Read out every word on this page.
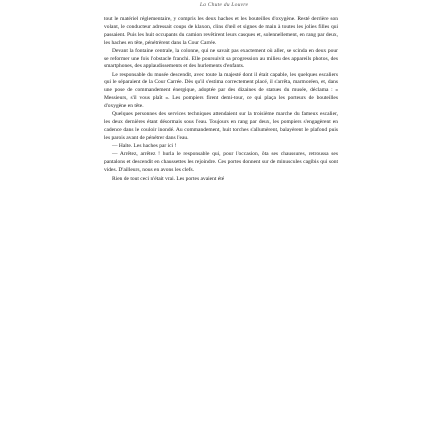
La Chute du Louvre

tout le matériel réglementaire, y compris les deux haches et les bouteilles d'oxygène. Resté derrière son volant, le conducteur adressait coups de klaxon, clins d'œil et signes de main à toutes les jolies filles qui passaient. Puis les huit occupants du camion revêtirent leurs casques et, solennellement, en rang par deux, les haches en tête, pénétrèrent dans la Cour Carrée.

Devant la fontaine centrale, la colonne, qui ne savait pas exactement où aller, se scinda en deux pour se reformer une fois l'obstacle franchi. Elle poursuivit sa progression au milieu des appareils photos, des smartphones, des applaudissements et des hurlements d'enfants.

Le responsable du musée descendit, avec toute la majesté dont il était capable, les quelques escaliers qui le séparaient de la Cour Carrée. Dès qu'il s'estima correctement placé, il s'arrêta, marmoréen, et, dans une pose de commandement énergique, adoptée par des dizaines de statues du musée, déclama : « Messieurs, s'il vous plaît ». Les pompiers firent demi-tour, ce qui plaça les porteurs de bouteilles d'oxygène en tête.

Quelques personnes des services techniques attendaient sur la troisième marche du fameux escalier, les deux dernières étant désormais sous l'eau. Toujours en rang par deux, les pompiers s'engagèrent en cadence dans le couloir inondé. Au commandement, huit torches s'allumèrent, balayèrent le plafond puis les parois avant de pénétrer dans l'eau.

— Halte. Les haches par ici !

— Arrêtez, arrêtez ! hurla le responsable qui, pour l'occasion, ôta ses chaussures, retroussa ses pantalons et descendit en chaussettes les rejoindre. Ces portes donnent sur de minuscules cagibis qui sont vides. D'ailleurs, nous en avons les clefs.

Rien de tout ceci n'était vrai. Les portes avaient été
